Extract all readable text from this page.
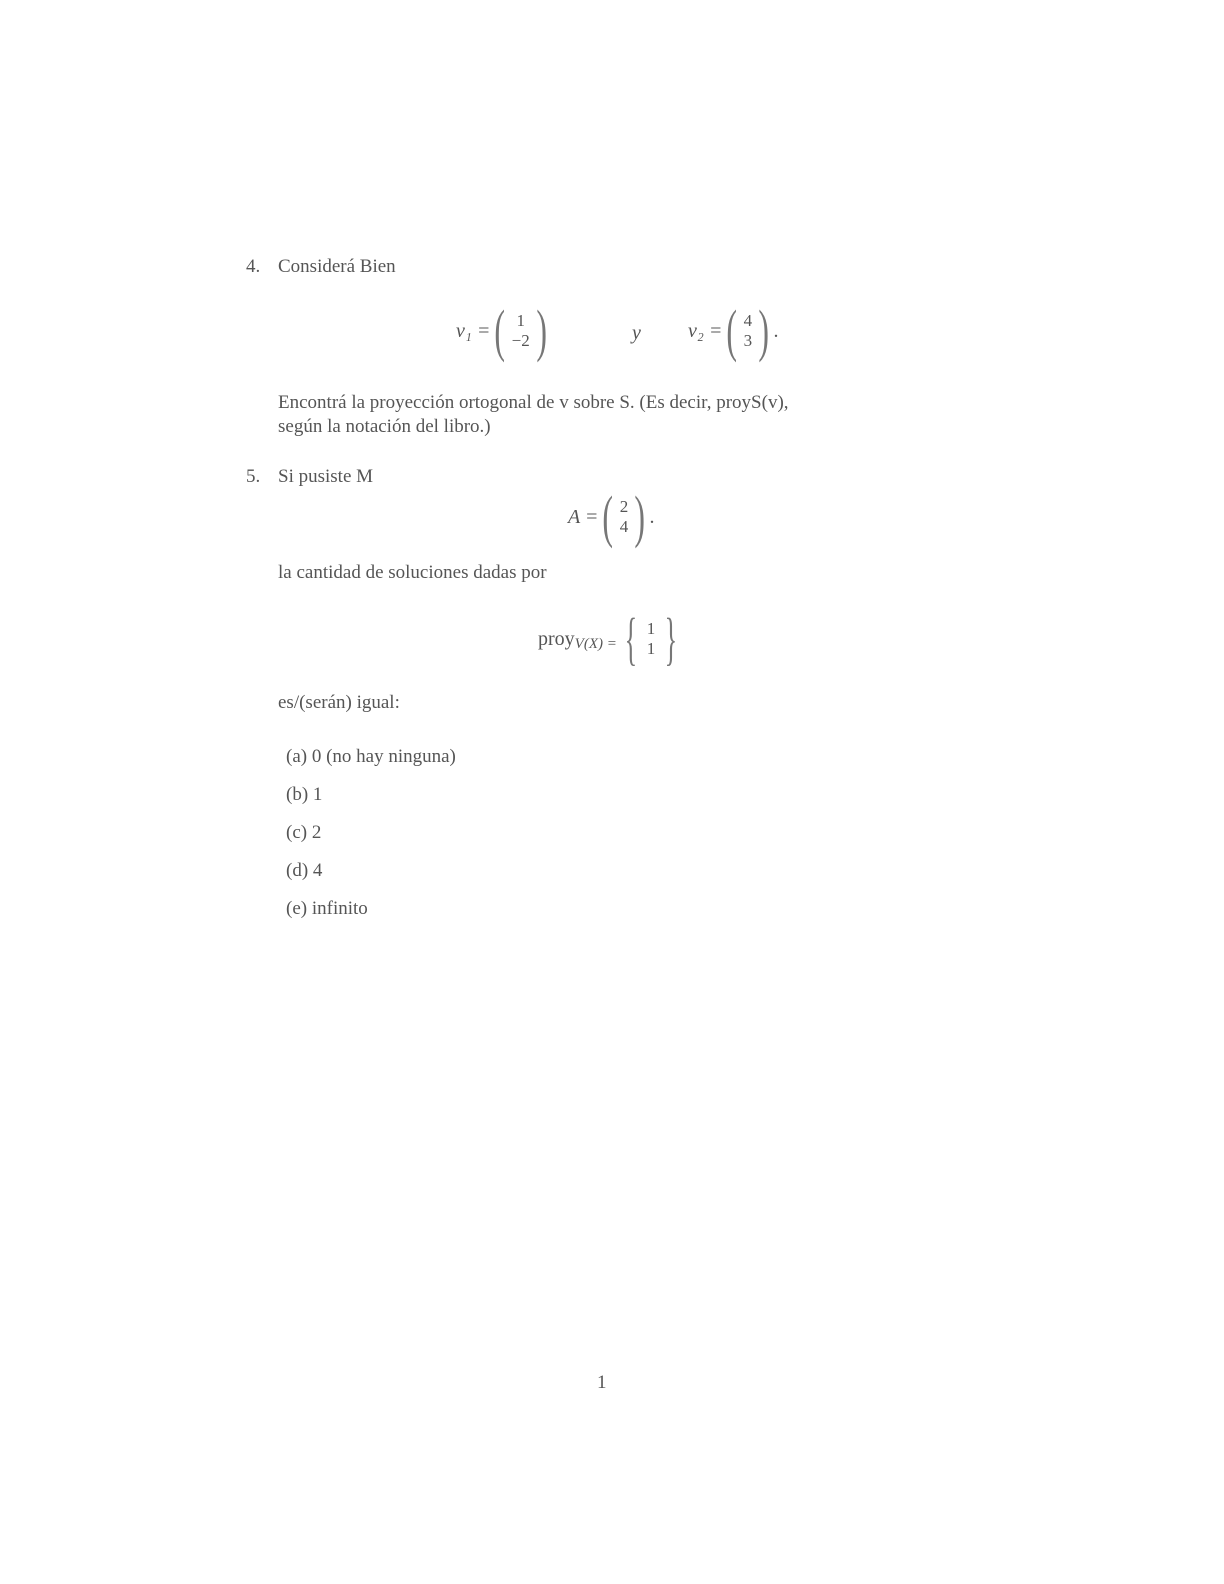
4. Considerá Bien
v₁ = ( 1
−2 )	y v₂ = ( 4
3 ) .
Encontrá la proyección ortogonal de v sobre S. (Es decir, proyS(v),
según la notación del libro.)
5. Si pusiste M
A = ( 2
4 ) .
la cantidad de soluciones dadas por
proy V(X) = { 1
1 }
es/(serán) igual:
(a) 0 (no hay ninguna)
(b) 1
(c) 2
(d) 4
(e) infinito
1
